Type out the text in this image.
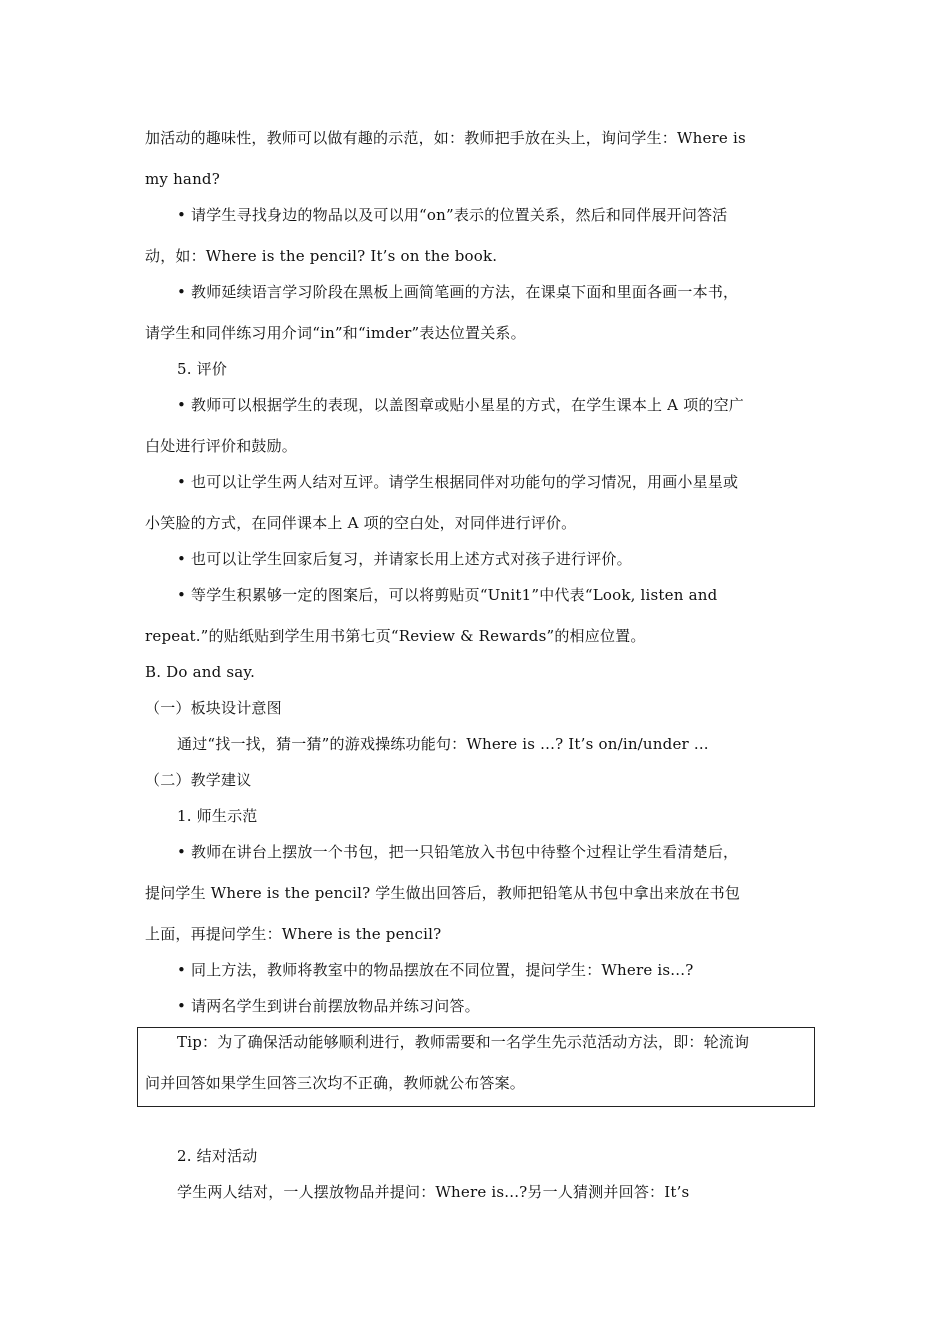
加活动的趣味性，教师可以做有趣的示范，如：教师把手放在头上，询问学生：Where is
my hand?
• 请学生寻找身边的物品以及可以用“on”表示的位置关系，然后和同伴展开问答活
动，如：Where is the pencil? It’s on the book.
• 教师延续语言学习阶段在黑板上画简笔画的方法，在课桌下面和里面各画一本书，
请学生和同伴练习用介词“in”和“imder”表达位置关系。
5. 评价
• 教师可以根据学生的表现，以盖图章或贴小星星的方式，在学生课本上 A 项的空广
白处进行评价和鼓励。
• 也可以让学生两人结对互评。请学生根据同伴对功能句的学习情况，用画小星星或
小笑脸的方式，在同伴课本上 A 项的空白处，对同伴进行评价。
• 也可以让学生回家后复习，并请家长用上述方式对孩子进行评价。
• 等学生积累够一定的图案后，可以将剪贴页“Unit1”中代表“Look, listen and
repeat.”的贴纸贴到学生用书第七页“Review & Rewards”的相应位置。
B. Do and say.
（一）板块设计意图
通过“找一找，猜一猜”的游戏操练功能句：Where is ...? It’s on/in/under ...
（二）教学建议
1. 师生示范
• 教师在讲台上摆放一个书包，把一只铅笔放入书包中待整个过程让学生看清楚后，
提问学生 Where is the pencil? 学生做出回答后，教师把铅笔从书包中拿出来放在书包
上面，再提问学生：Where is the pencil?
• 同上方法，教师将教室中的物品摆放在不同位置，提问学生：Where is...?
• 请两名学生到讲台前摆放物品并练习问答。
Tip：为了确保活动能够顺利进行，教师需要和一名学生先示范活动方法，即：轮流询
问并回答如果学生回答三次均不正确，教师就公布答案。
2. 结对活动
学生两人结对，一人摆放物品并提问：Where is...?另一人猜测并回答：It’s
